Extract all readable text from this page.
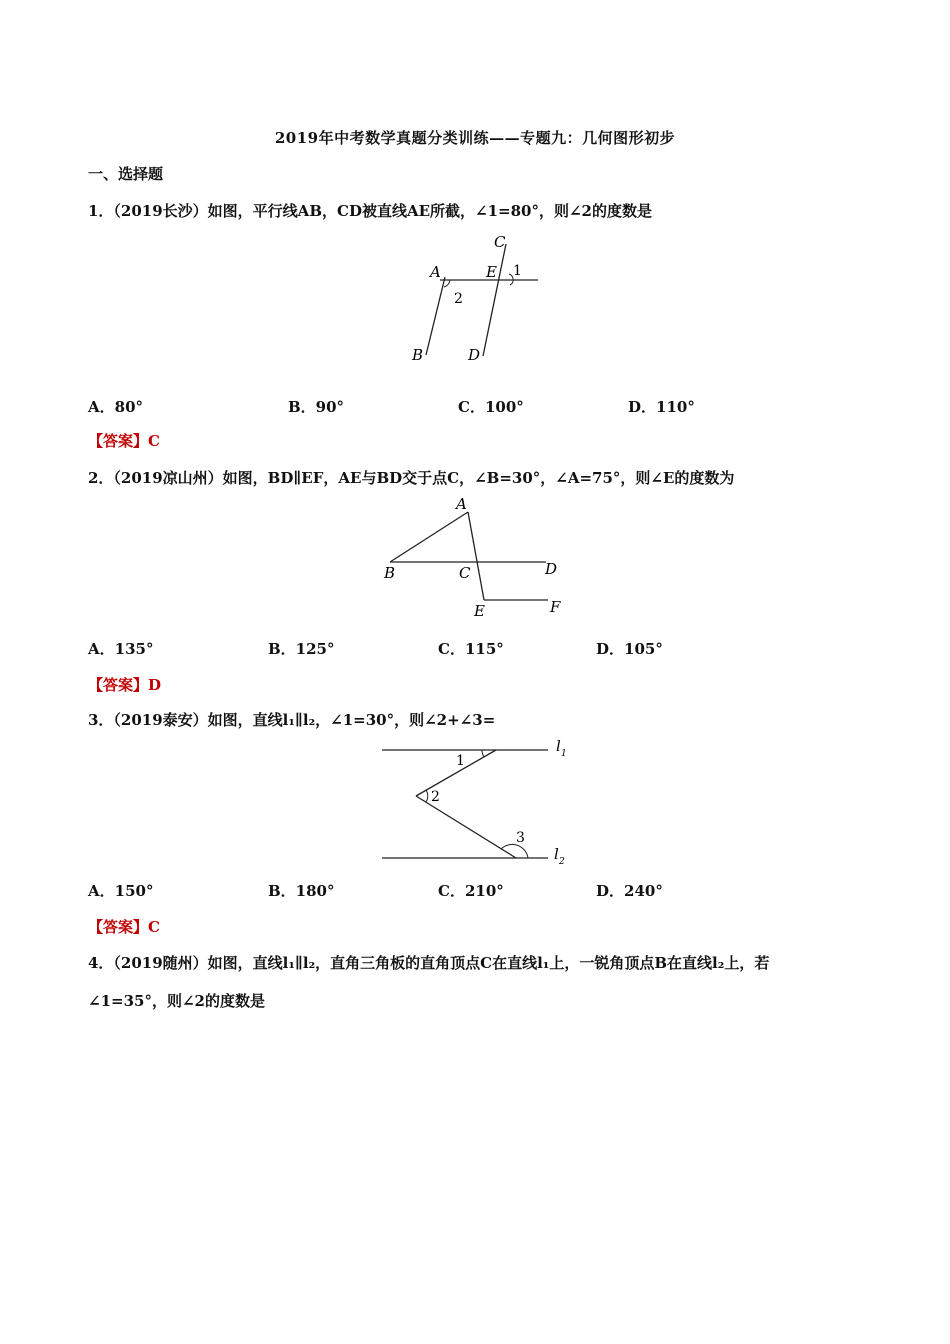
2019年中考数学真题分类训练——专题九：几何图形初步
一、选择题
1．（2019长沙）如图，平行线AB，CD被直线AE所截，∠1=80°，则∠2的度数是
A	E
C
B	D
1
2
A．80°	B．90°	C．100°	D．110°
【答案】C
2．（2019凉山州）如图，BD∥EF，AE与BD交于点C，∠B=30°，∠A=75°，则∠E的度数为
A
B	C	D
E	F
A．135°	B．125°	C．115°	D．105°
【答案】D
3．（2019泰安）如图，直线l₁∥l₂，∠1=30°，则∠2+∠3=
1
2
3
l 1
l 2
A．150°	B．180°	C．210°	D．240°
【答案】C
4．（2019随州）如图，直线l₁∥l₂，直角三角板的直角顶点C在直线l₁上，一锐角顶点B在直线l₂上，若
∠1=35°，则∠2的度数是
